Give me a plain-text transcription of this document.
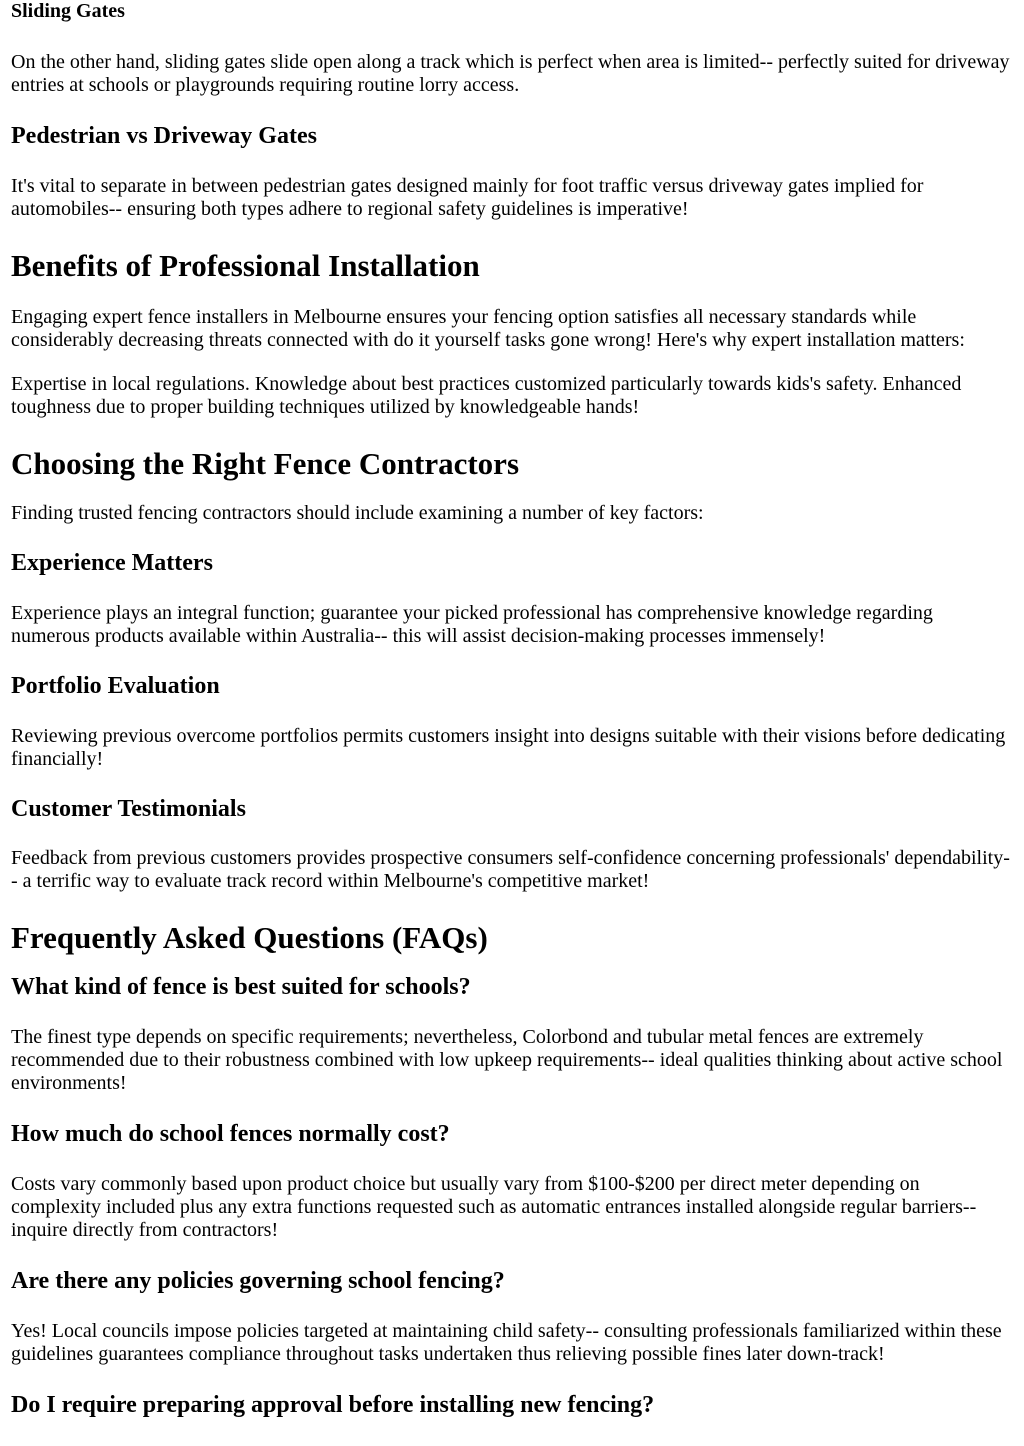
Sliding Gates

On the other hand, sliding gates slide open along a track which is perfect when area is limited-- perfectly suited for driveway entries at schools or playgrounds requiring routine lorry access.

Pedestrian vs Driveway Gates

It's vital to separate in between pedestrian gates designed mainly for foot traffic versus driveway gates implied for automobiles-- ensuring both types adhere to regional safety guidelines is imperative!

Benefits of Professional Installation

Engaging expert fence installers in Melbourne ensures your fencing option satisfies all necessary standards while considerably decreasing threats connected with do it yourself tasks gone wrong! Here's why expert installation matters:

Expertise in local regulations. Knowledge about best practices customized particularly towards kids's safety. Enhanced toughness due to proper building techniques utilized by knowledgeable hands!

Choosing the Right Fence Contractors

Finding trusted fencing contractors should include examining a number of key factors:

Experience Matters

Experience plays an integral function; guarantee your picked professional has comprehensive knowledge regarding numerous products available within Australia-- this will assist decision-making processes immensely!

Portfolio Evaluation

Reviewing previous overcome portfolios permits customers insight into designs suitable with their visions before dedicating financially!

Customer Testimonials

Feedback from previous customers provides prospective consumers self-confidence concerning professionals' dependability-- a terrific way to evaluate track record within Melbourne's competitive market!

Frequently Asked Questions (FAQs)
What kind of fence is best suited for schools?

The finest type depends on specific requirements; nevertheless, Colorbond and tubular metal fences are extremely recommended due to their robustness combined with low upkeep requirements-- ideal qualities thinking about active school environments!

How much do school fences normally cost?

Costs vary commonly based upon product choice but usually vary from $100-$200 per direct meter depending on complexity included plus any extra functions requested such as automatic entrances installed alongside regular barriers-- inquire directly from contractors!

Are there any policies governing school fencing?

Yes! Local councils impose policies targeted at maintaining child safety-- consulting professionals familiarized within these guidelines guarantees compliance throughout tasks undertaken thus relieving possible fines later down-track!

Do I require preparing approval before installing new fencing?
